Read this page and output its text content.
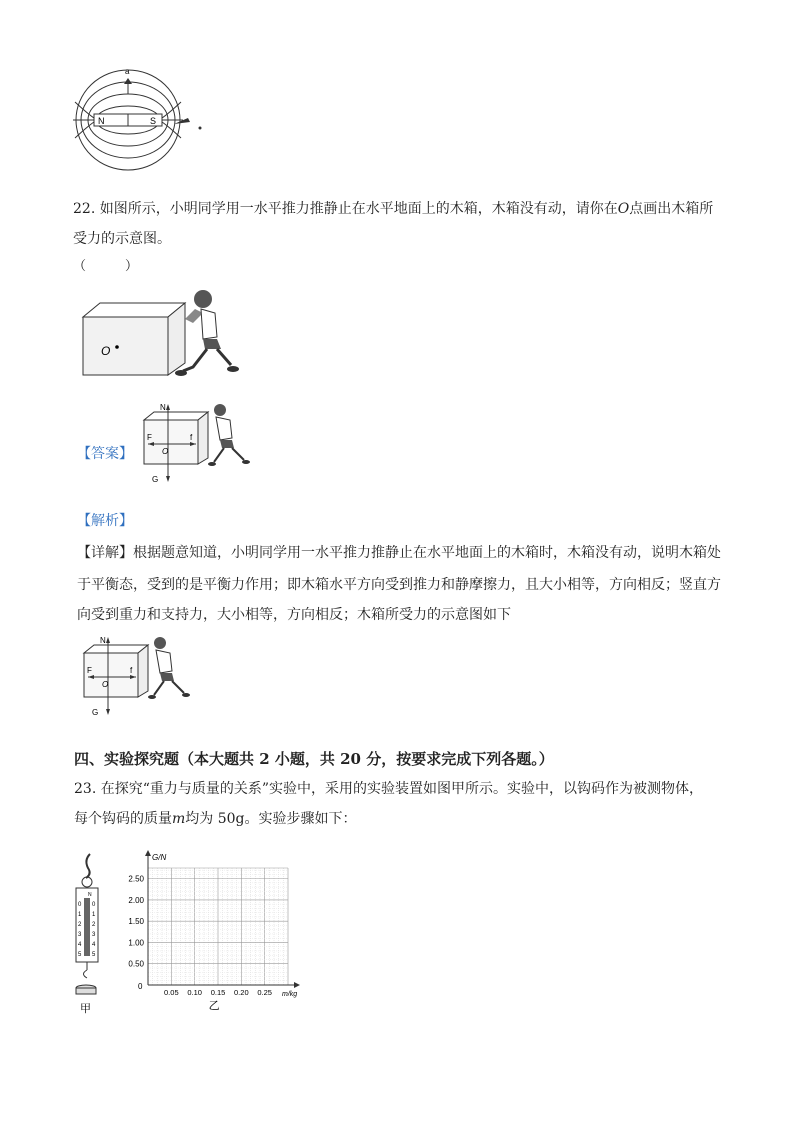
N	S
a
22. 如图所示，小明同学用一水平推力推静止在水平地面上的木箱，木箱没有动，请你在O点画出木箱所
受力的示意图。
（　　　）
O
【答案】
N
F	f
G
O
【解析】
【详解】根据题意知道，小明同学用一水平推力推静止在水平地面上的木箱时，木箱没有动，说明木箱处
于平衡态，受到的是平衡力作用；即木箱水平方向受到推力和静摩擦力，且大小相等，方向相反；竖直方
向受到重力和支持力，大小相等，方向相反；木箱所受力的示意图如下
N
F	f
G
O
四、实验探究题（本大题共 2 小题，共 20 分，按要求完成下列各题。）
23. 在探究“重力与质量的关系”实验中，采用的实验装置如图甲所示。实验中，以钩码作为被测物体，
每个钩码的质量m均为 50g。实验步骤如下：
N
0 0
1 1
2 2
3 3
4 4
5 5
甲
G/N
m/kg
0
0.50
1.00
1.50
2.00
2.50
0.05 0.10 0.15 0.20 0.25
乙
